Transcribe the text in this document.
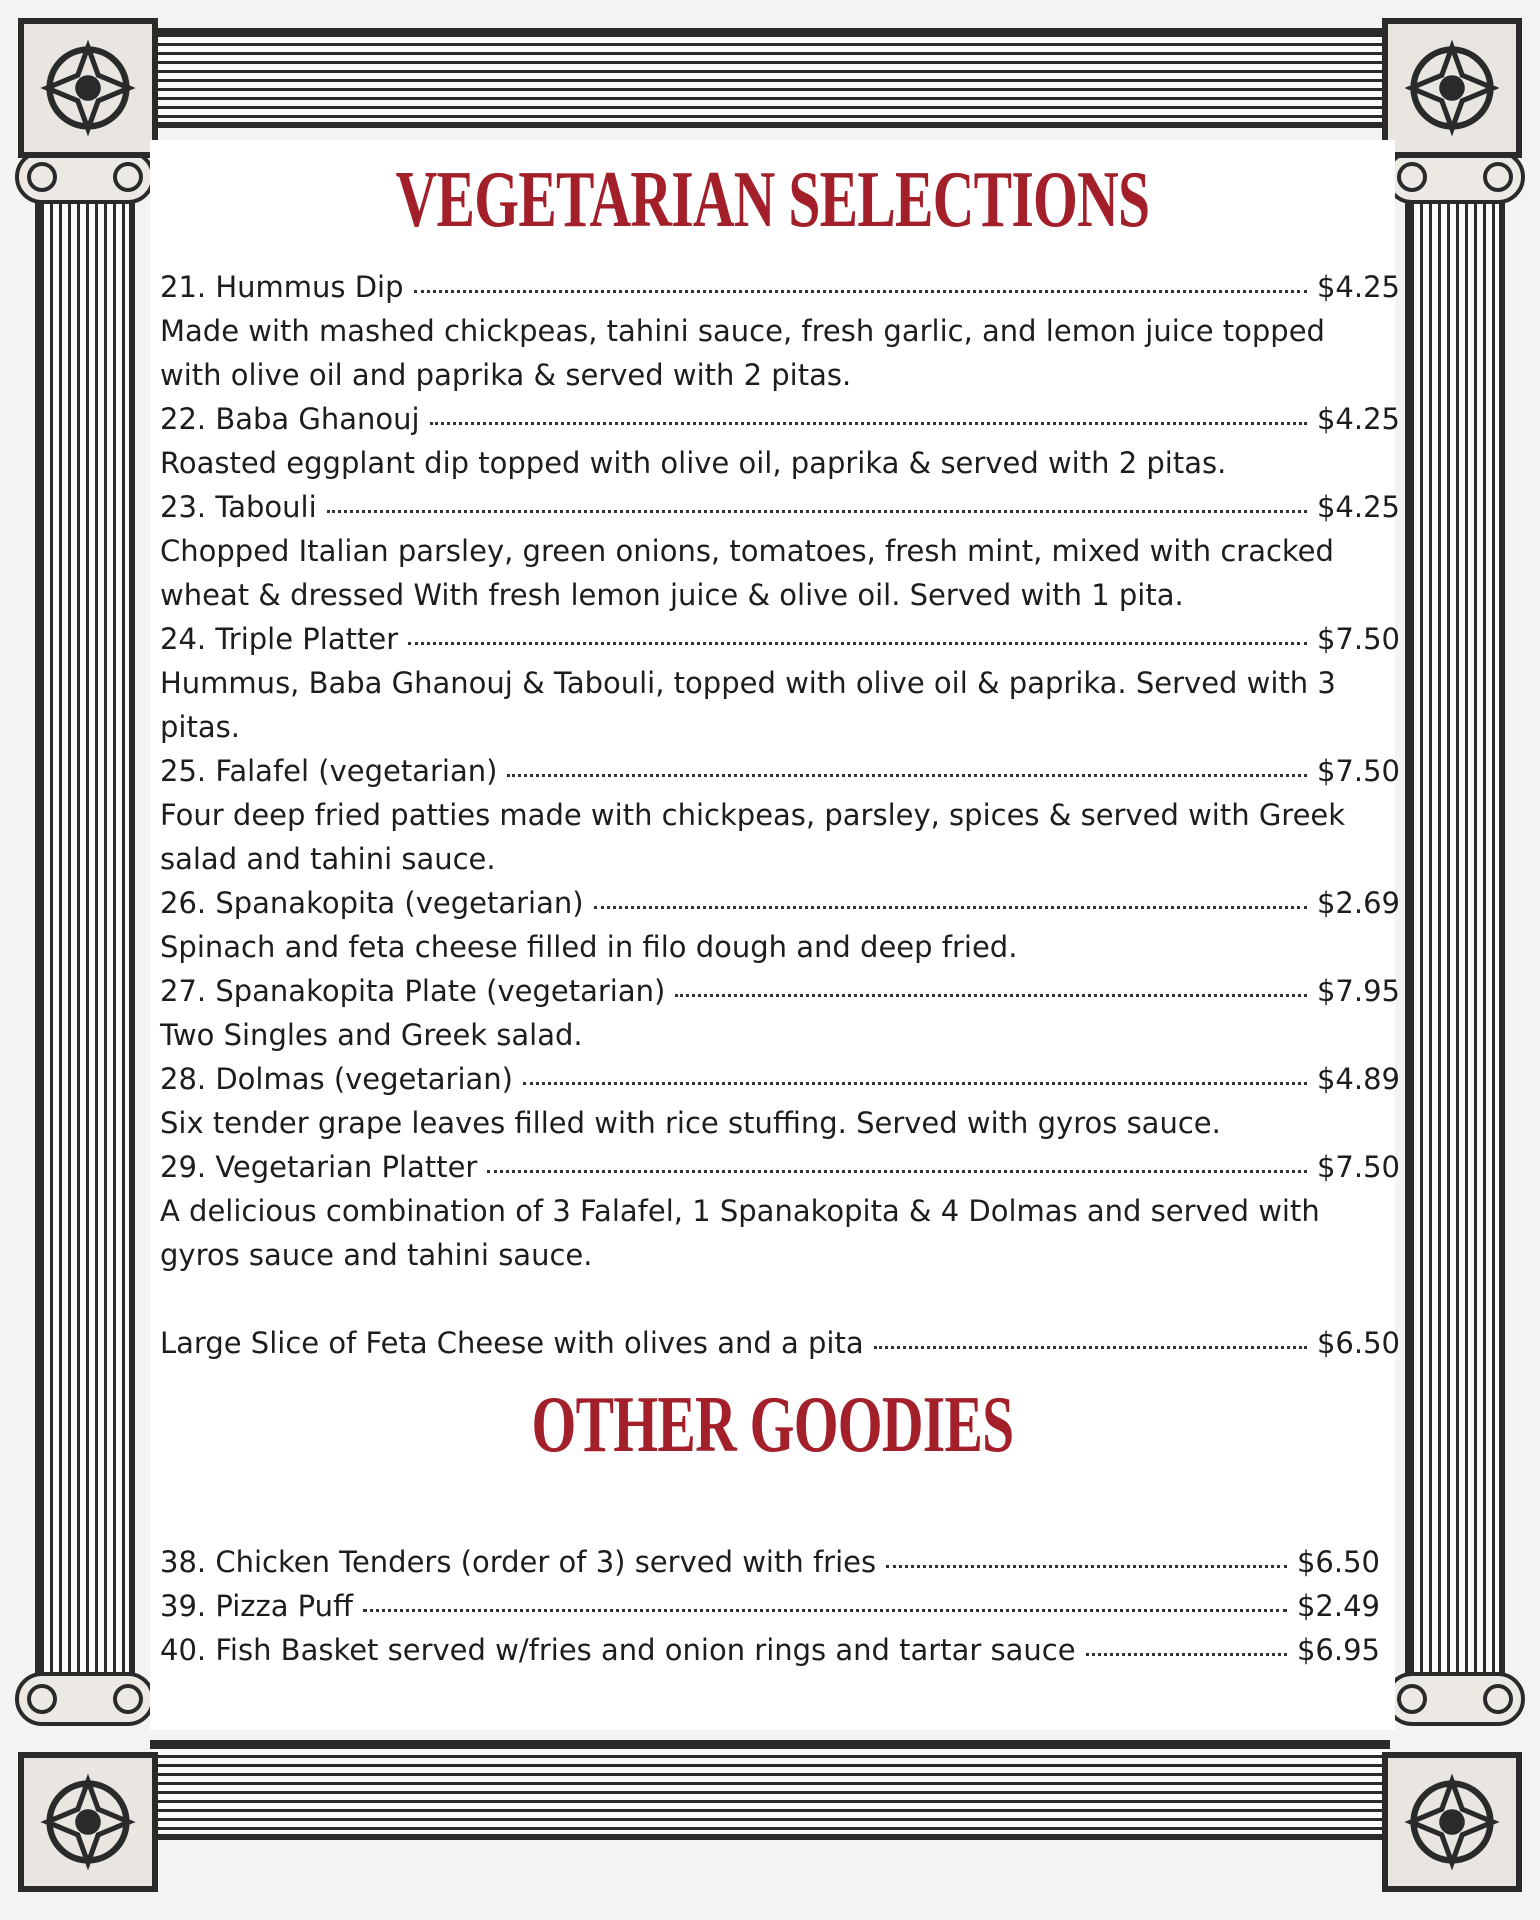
VEGETARIAN SELECTIONS
21. Hummus Dip	$4.25
Made with mashed chickpeas, tahini sauce, fresh garlic, and lemon juice topped with olive oil and paprika & served with 2 pitas.
22. Baba Ghanouj	$4.25
Roasted eggplant dip topped with olive oil, paprika & served with 2 pitas.
23. Tabouli	$4.25
Chopped Italian parsley, green onions, tomatoes, fresh mint, mixed with cracked wheat & dressed With fresh lemon juice & olive oil. Served with 1 pita.
24. Triple Platter	$7.50
Hummus, Baba Ghanouj & Tabouli, topped with olive oil & paprika. Served with 3 pitas.
25. Falafel (vegetarian)	$7.50
Four deep fried patties made with chickpeas, parsley, spices & served with Greek salad and tahini sauce.
26. Spanakopita (vegetarian)	$2.69
Spinach and feta cheese filled in filo dough and deep fried.
27. Spanakopita Plate (vegetarian)	$7.95
Two Singles and Greek salad.
28. Dolmas (vegetarian)	$4.89
Six tender grape leaves filled with rice stuffing. Served with gyros sauce.
29. Vegetarian Platter	$7.50
A delicious combination of 3 Falafel, 1 Spanakopita & 4 Dolmas and served with gyros sauce and tahini sauce.
Large Slice of Feta Cheese with olives and a pita	$6.50
OTHER GOODIES
38. Chicken Tenders (order of 3) served with fries	$6.50
39. Pizza Puff	$2.49
40. Fish Basket served w/fries and onion rings and tartar sauce	$6.95
